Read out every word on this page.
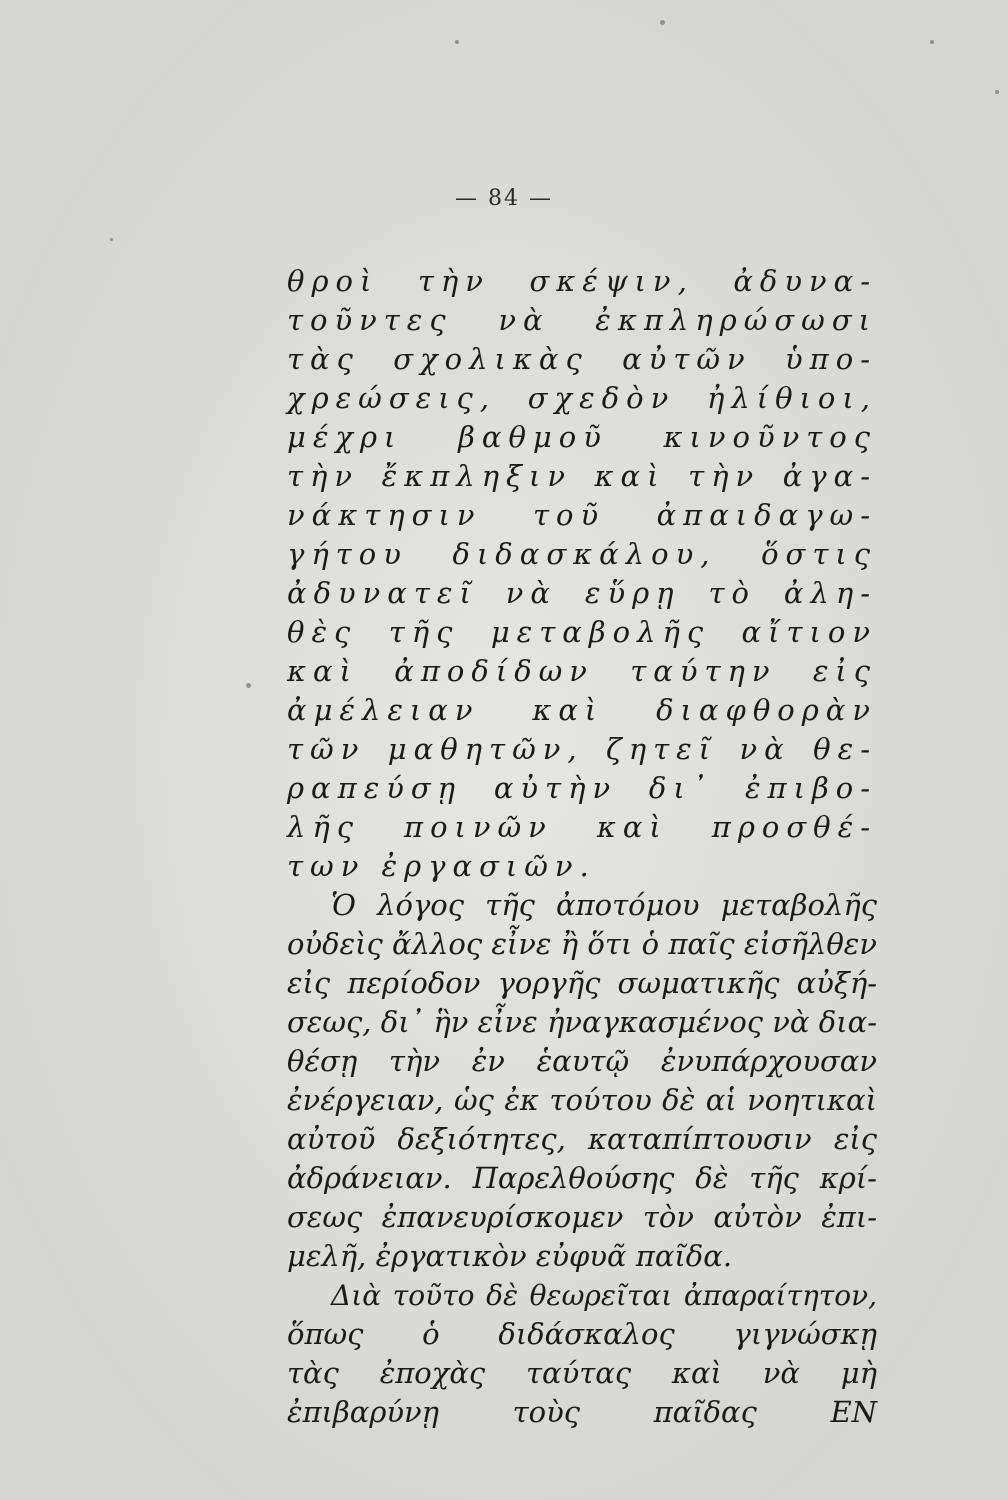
— 84 —
θροὶ τὴν σκέψιν, ἀδυνα-
τοῦντες νὰ ἐκπληρώσωσι
τὰς σχολικὰς αὐτῶν ὑπο-
χρεώσεις, σχεδὸν ἠλίθιοι,
μέχρι βαθμοῦ κινοῦντος
τὴν ἔκπληξιν καὶ τὴν ἀγα-
νάκτησιν τοῦ ἀπαιδαγω-
γήτου διδασκάλου, ὅστις
ἀδυνατεῖ νὰ εὕρῃ τὸ ἀλη-
θὲς τῆς μεταβολῆς αἴτιον
καὶ ἀποδίδων ταύτην εἰς
ἀμέλειαν καὶ διαφθορὰν
τῶν μαθητῶν, ζητεῖ νὰ θε-
ραπεύσῃ αὐτὴν δι᾽ ἐπιβο-
λῆς ποινῶν καὶ προσθέ-
των ἐργασιῶν.
Ὁ λόγος τῆς ἀποτόμου μεταβολῆς
οὐδεὶς ἄλλος εἶνε ἢ ὅτι ὁ παῖς εἰσῆλθεν
εἰς περίοδον γοργῆς σωματικῆς αὐξή-
σεως, δι᾽ ἣν εἶνε ἠναγκασμένος νὰ δια-
θέσῃ τὴν ἐν ἑαυτῷ ἐνυπάρχουσαν
ἐνέργειαν, ὡς ἐκ τούτου δὲ αἱ νοητικαὶ
αὐτοῦ δεξιότητες, καταπίπτουσιν εἰς
ἀδράνειαν. Παρελθούσης δὲ τῆς κρί-
σεως ἐπανευρίσκομεν τὸν αὐτὸν ἐπι-
μελῆ, ἐργατικὸν εὐφυᾶ παῖδα.
Διὰ τοῦτο δὲ θεωρεῖται ἀπαραίτητον,
ὅπως ὁ διδάσκαλος γιγνώσκῃ
τὰς ἐποχὰς ταύτας καὶ νὰ μὴ
ἐπιβαρύνῃ τοὺς παῖδας ΕΝ
